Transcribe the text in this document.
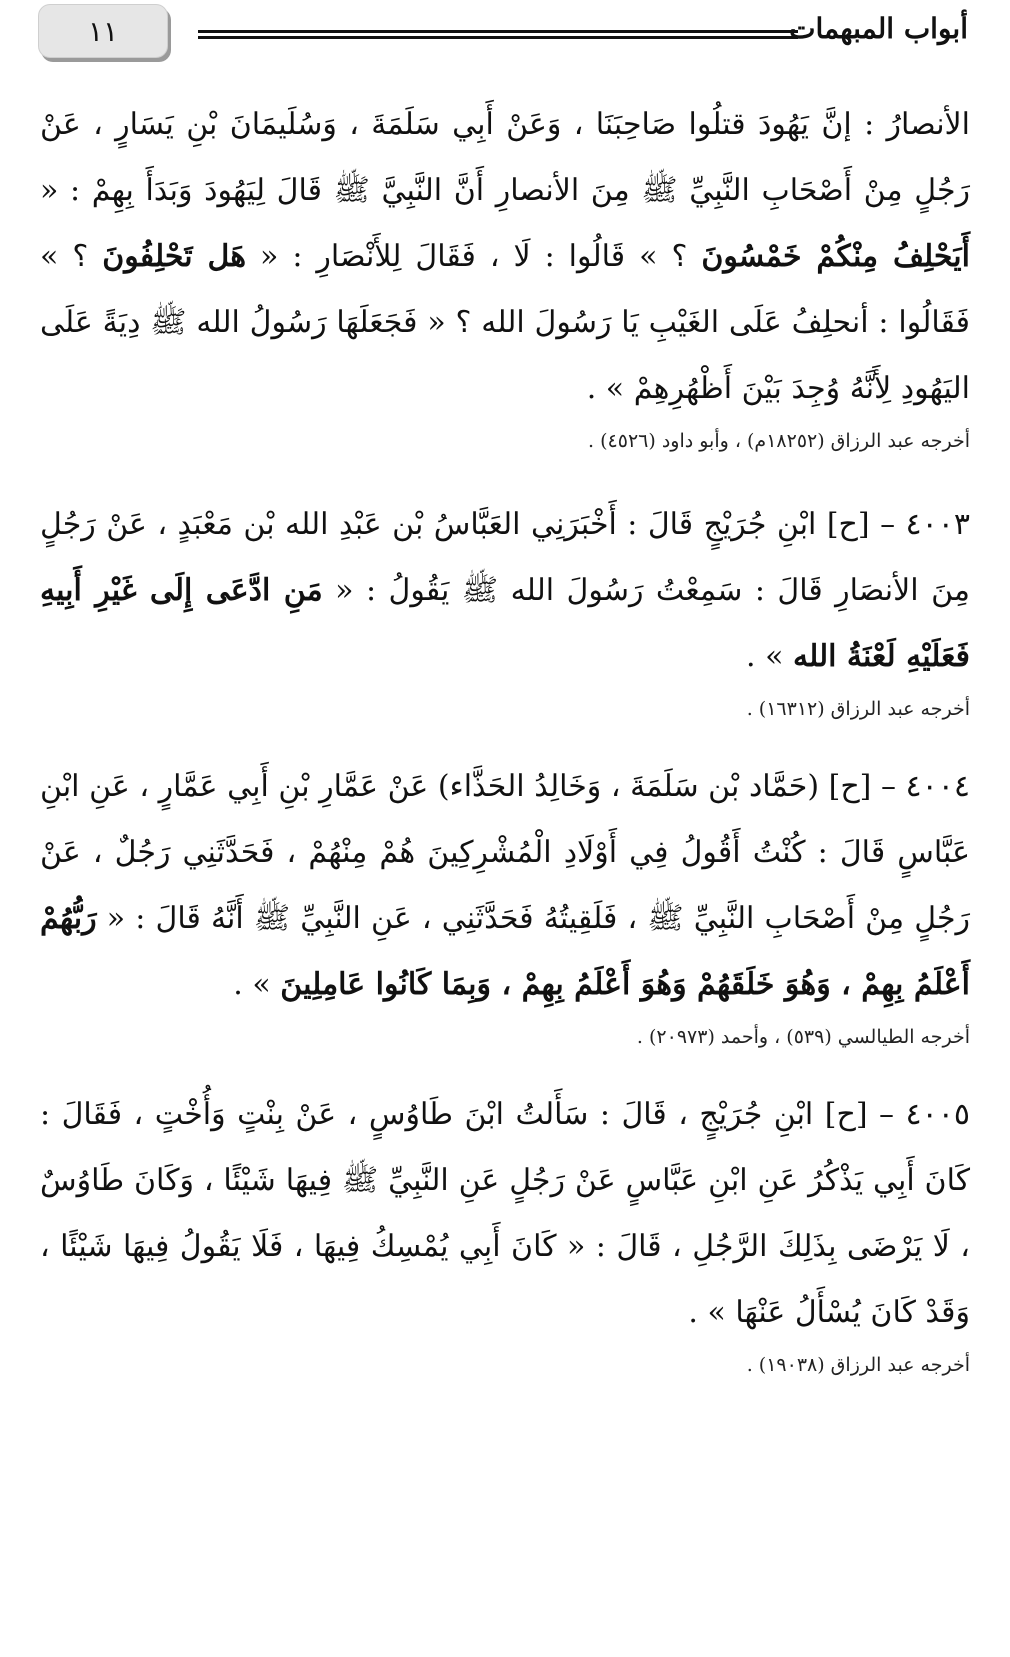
١١	أبواب المبهمات

الأنصارُ : إنَّ يَهُودَ قتلُوا صَاحِبَنَا ، وَعَنْ أَبِي سَلَمَةَ ، وَسُلَيمَانَ بْنِ يَسَارٍ ، عَنْ رَجُلٍ مِنْ أَصْحَابِ النَّبِيِّ ﷺ مِنَ الأنصارِ أَنَّ النَّبِيَّ ﷺ قَالَ لِيَهُودَ وَبَدَأَ بِهِمْ : « أَيَحْلِفُ مِنْكُمْ خَمْسُونَ ؟ » قَالُوا : لَا ، فَقَالَ لِلأَنْصَارِ : « هَل تَحْلِفُونَ ؟ » فَقَالُوا : أنحلِفُ عَلَى الغَيْبِ يَا رَسُولَ الله ؟ « فَجَعَلَهَا رَسُولُ الله ﷺ دِيَةً عَلَى اليَهُودِ لِأَنَّهُ وُجِدَ بَيْنَ أَظْهُرِهِمْ » .

أخرجه عبد الرزاق (١٨٢٥٢م) ، وأبو داود (٤٥٢٦) .

٤٠٠٣ – [ح] ابْنِ جُرَيْجٍ قَالَ : أَخْبَرَنِي العَبَّاسُ بْن عَبْدِ الله بْن مَعْبَدٍ ، عَنْ رَجُلٍ مِنَ الأنصَارِ قَالَ : سَمِعْتُ رَسُولَ الله ﷺ يَقُولُ : « مَنِ ادَّعَى إِلَى غَيْرِ أَبِيهِ فَعَلَيْهِ لَعْنَةُ الله » .

أخرجه عبد الرزاق (١٦٣١٢) .

٤٠٠٤ – [ح] (حَمَّاد بْن سَلَمَةَ ، وَخَالِدُ الحَذَّاء) عَنْ عَمَّارِ بْنِ أَبِي عَمَّارٍ ، عَنِ ابْنِ عَبَّاسٍ قَالَ : كُنْتُ أَقُولُ فِي أَوْلَادِ الْمُشْرِكِينَ هُمْ مِنْهُمْ ، فَحَدَّثَنِي رَجُلٌ ، عَنْ رَجُلٍ مِنْ أَصْحَابِ النَّبِيِّ ﷺ ، فَلَقِيتُهُ فَحَدَّثَنِي ، عَنِ النَّبِيِّ ﷺ أَنَّهُ قَالَ : « رَبُّهُمْ أَعْلَمُ بِهِمْ ، وَهُوَ خَلَقَهُمْ وَهُوَ أَعْلَمُ بِهِمْ ، وَبِمَا كَانُوا عَامِلِينَ » .

أخرجه الطيالسي (٥٣٩) ، وأحمد (٢٠٩٧٣) .

٤٠٠٥ – [ح] ابْنِ جُرَيْجٍ ، قَالَ : سَأَلتُ ابْنَ طَاوُسٍ ، عَنْ بِنْتٍ وَأُخْتٍ ، فَقَالَ : كَانَ أَبِي يَذْكُرُ عَنِ ابْنِ عَبَّاسٍ عَنْ رَجُلٍ عَنِ النَّبِيِّ ﷺ فِيهَا شَيْئًا ، وَكَانَ طَاوُسٌ ، لَا يَرْضَى بِذَلِكَ الرَّجُلِ ، قَالَ : « كَانَ أَبِي يُمْسِكُ فِيهَا ، فَلَا يَقُولُ فِيهَا شَيْئًا ، وَقَدْ كَانَ يُسْأَلُ عَنْهَا » .

أخرجه عبد الرزاق (١٩٠٣٨) .
